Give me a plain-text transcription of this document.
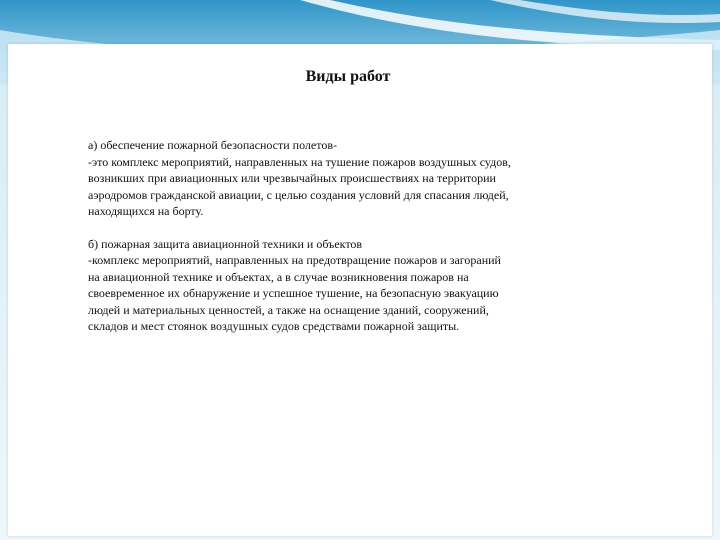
Виды работ
а) обеспечение пожарной безопасности полетов-
-это комплекс мероприятий, направленных на тушение пожаров воздушных судов,
возникших при авиационных или чрезвычайных происшествиях на территории
аэродромов гражданской авиации, с целью создания условий для спасания людей,
находящихся на борту.
б) пожарная защита авиационной техники и объектов
-комплекс мероприятий, направленных на предотвращение пожаров и загораний
на авиационной технике и объектах, а в случае возникновения пожаров на
своевременное их обнаружение и успешное тушение, на безопасную эвакуацию
людей и материальных ценностей, а также на оснащение зданий, сооружений,
складов и мест стоянок воздушных судов средствами пожарной защиты.
